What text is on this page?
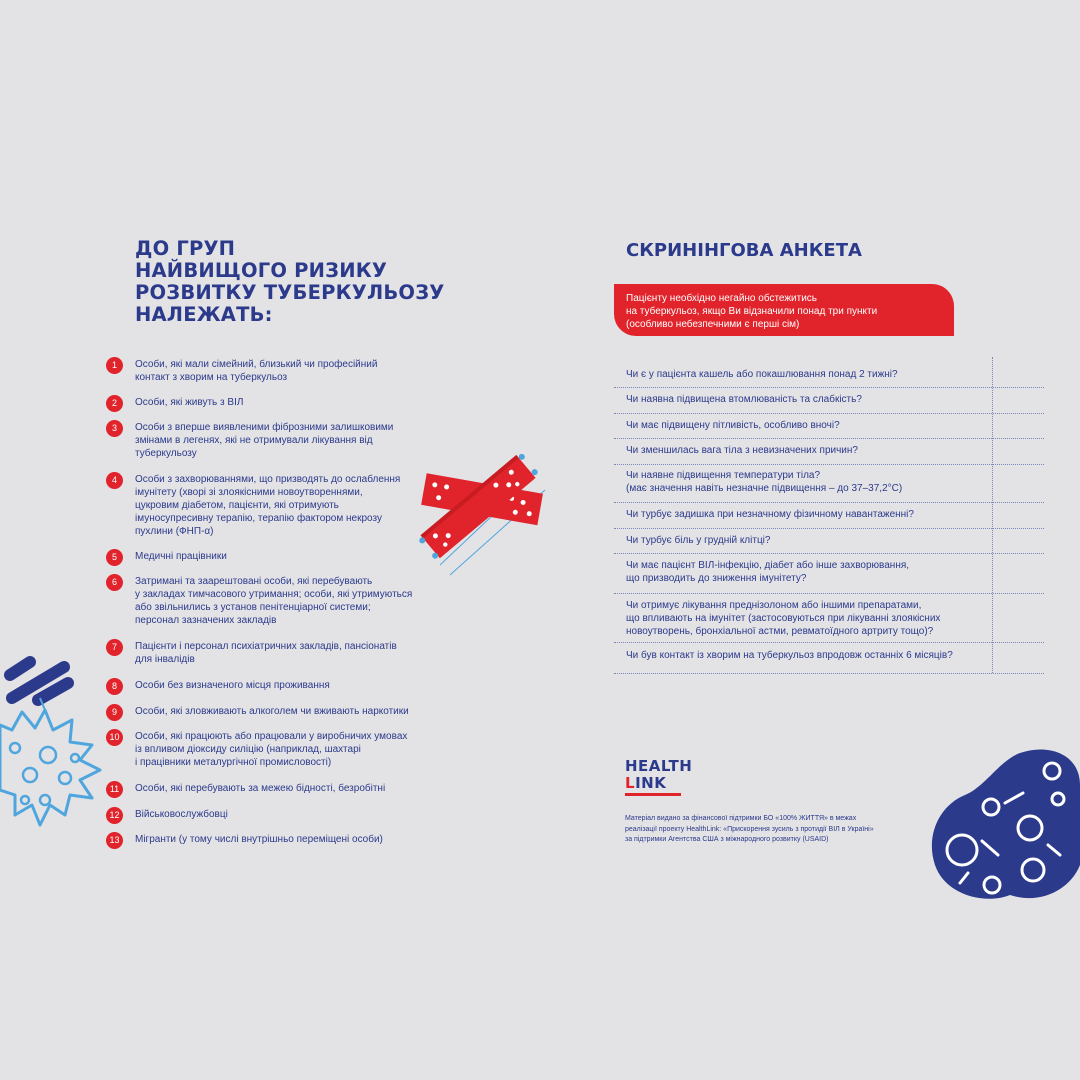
ДО ГРУП
НАЙВИЩОГО РИЗИКУ
РОЗВИТКУ ТУБЕРКУЛЬОЗУ
НАЛЕЖАТЬ:
1	Особи, які мали сімейний, близький чи професійний
контакт з хворим на туберкульоз
2	Особи, які живуть з ВІЛ
3	Особи з вперше виявленими фіброзними залишковими
змінами в легенях, які не отримували лікування від
туберкульозу
4	Особи з захворюваннями, що призводять до ослаблення
імунітету (хворі зі злоякісними новоутвореннями,
цукровим діабетом, пацієнти, які отримують
імуносупресивну терапію, терапію фактором некрозу
пухлини (ФНП-α)
5	Медичні працівники
6	Затримані та заарештовані особи, які перебувають
у закладах тимчасового утримання; особи, які утримуються
або звільнились з установ пенітенціарної системи;
персонал зазначених закладів
7	Пацієнти і персонал психіатричних закладів, пансіонатів
для інвалідів
8	Особи без визначеного місця проживання
9	Особи, які зловживають алкоголем чи вживають наркотики
10	Особи, які працюють або працювали у виробничих умовах
із впливом діоксиду силіцію (наприклад, шахтарі
і працівники металургічної промисловості)
11	Особи, які перебувають за межею бідності, безробітні
12	Військовослужбовці
13	Мігранти (у тому числі внутрішньо переміщені особи)
СКРИНІНГОВА АНКЕТА
Пацієнту необхідно негайно обстежитись
на туберкульоз, якщо Ви відзначили понад три пункти
(особливо небезпечними є перші сім)
Чи є у пацієнта кашель або покашлювання понад 2 тижні?
Чи наявна підвищена втомлюваність та слабкість?
Чи має підвищену пітливість, особливо вночі?
Чи зменшилась вага тіла з невизначених причин?
Чи наявне підвищення температури тіла?
(має значення навіть незначне підвищення – до 37–37,2°С)
Чи турбує задишка при незначному фізичному навантаженні?
Чи турбує біль у грудній клітці?
Чи має пацієнт ВІЛ-інфекцію, діабет або інше захворювання,
що призводить до зниження імунітету?
Чи отримує лікування преднізолоном або іншими препаратами,
що впливають на імунітет (застосовуються при лікуванні злоякісних
новоутворень, бронхіальної астми, ревматоїдного артриту тощо)?
Чи був контакт із хворим на туберкульоз впродовж останніх 6 місяців?
HEALTH
LINK
Матеріал видано за фінансової підтримки БО «100% ЖИТТЯ» в межах
реалізації проекту HealthLink: «Прискорення зусиль з протидії ВІЛ в Україні»
за підтримки Агентства США з міжнародного розвитку (USAID)
